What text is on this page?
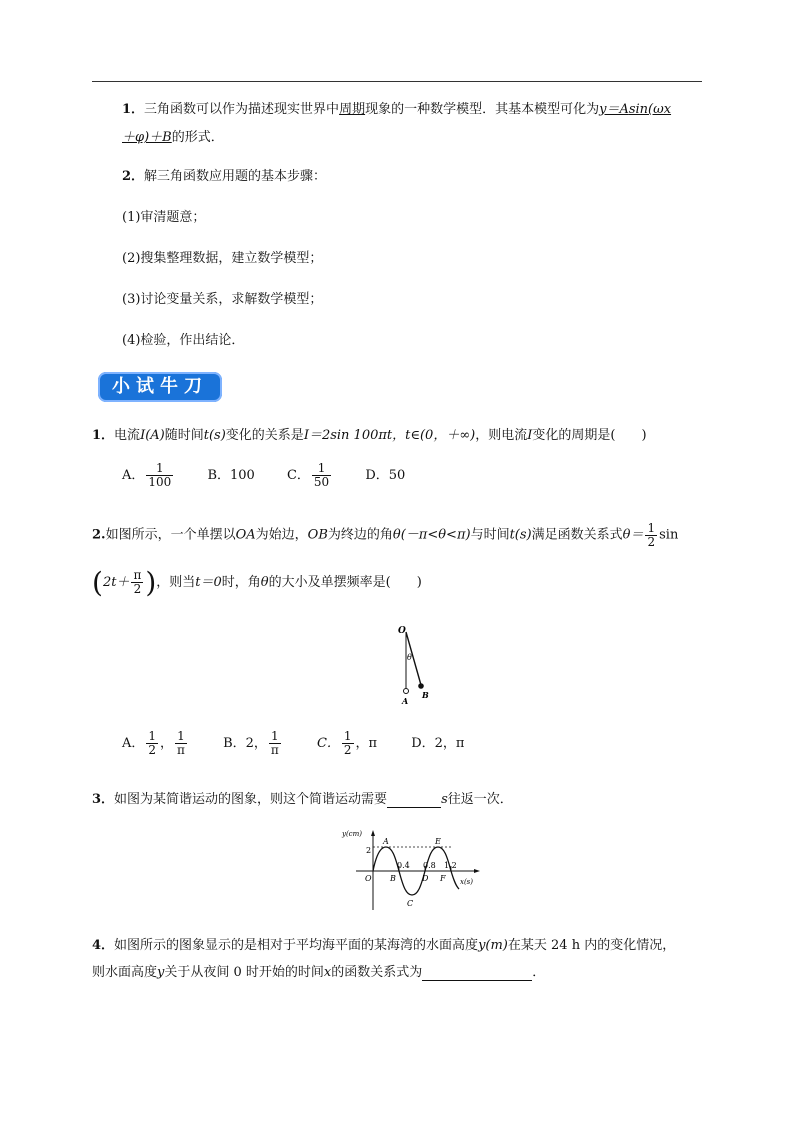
1．三角函数可以作为描述现实世界中周期现象的一种数学模型．其基本模型可化为y＝Asin(ωx
＋φ)＋B的形式．
2．解三角函数应用题的基本步骤：
(1)审清题意；
(2)搜集整理数据，建立数学模型；
(3)讨论变量关系，求解数学模型；
(4)检验，作出结论．
小试牛刀
1．电流I(A)随时间t(s)变化的关系是I＝2sin 100πt，t∈(0，＋∞)，则电流I变化的周期是(　　)
A． $\frac{1}{100}$	B．100 C． $\frac{1}{50}$	D．50
2.如图所示，一个单摆以OA为始边，OB为终边的角θ(－π<θ<π)与时间t(s)满足函数关系式$\theta= \frac{1}{2}$ sin
($2t+ \frac{\pi}{2}$ )，则当t＝0时，角θ的大小及单摆频率是(　　)
O
θ
A
B
A． $\frac{1}{2}$ ， $\frac{1}{\pi}$	B．2， $\frac{1}{\pi}$	C． $\frac{1}{2}$ ，π	D．2，π
3．如图为某简谐运动的图象，则这个简谐运动需要	s往返一次．
y(cm)
x(s)
O
2
A
B
C
D
E
F
0.4 0.8 1.2
4．如图所示的图象显示的是相对于平均海平面的某海湾的水面高度y(m)在某天 24 h 内的变化情况，
则水面高度y关于从夜间 0 时开始的时间x的函数关系式为	．
